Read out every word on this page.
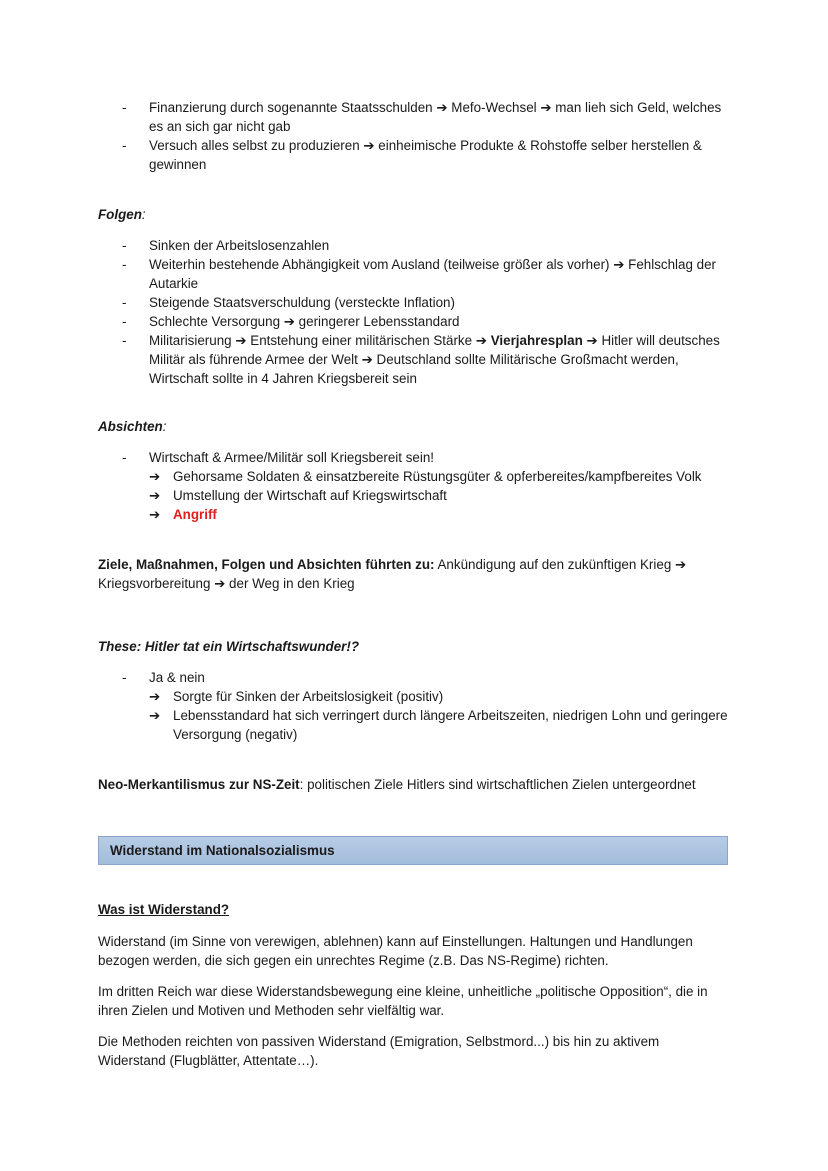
- Finanzierung durch sogenannte Staatsschulden ➔ Mefo-Wechsel ➔ man lieh sich Geld, welches es an sich gar nicht gab
- Versuch alles selbst zu produzieren ➔ einheimische Produkte & Rohstoffe selber herstellen & gewinnen
Folgen:
- Sinken der Arbeitslosenzahlen
- Weiterhin bestehende Abhängigkeit vom Ausland (teilweise größer als vorher) ➔ Fehlschlag der Autarkie
- Steigende Staatsverschuldung (versteckte Inflation)
- Schlechte Versorgung ➔ geringerer Lebensstandard
- Militarisierung ➔ Entstehung einer militärischen Stärke ➔ Vierjahresplan ➔ Hitler will deutsches Militär als führende Armee der Welt ➔ Deutschland sollte Militärische Großmacht werden, Wirtschaft sollte in 4 Jahren Kriegsbereit sein
Absichten:
- Wirtschaft & Armee/Militär soll Kriegsbereit sein!
➔ Gehorsame Soldaten & einsatzbereite Rüstungsgüter & opferbereites/kampfbereites Volk
➔ Umstellung der Wirtschaft auf Kriegswirtschaft
➔ Angriff
Ziele, Maßnahmen, Folgen und Absichten führten zu: Ankündigung auf den zukünftigen Krieg ➔ Kriegsvorbereitung ➔ der Weg in den Krieg
These: Hitler tat ein Wirtschaftswunder!?
- Ja & nein
➔ Sorgte für Sinken der Arbeitslosigkeit (positiv)
➔ Lebensstandard hat sich verringert durch längere Arbeitszeiten, niedrigen Lohn und geringere Versorgung (negativ)
Neo-Merkantilismus zur NS-Zeit: politischen Ziele Hitlers sind wirtschaftlichen Zielen untergeordnet
Widerstand im Nationalsozialismus
Was ist Widerstand?

Widerstand (im Sinne von verewigen, ablehnen) kann auf Einstellungen. Haltungen und Handlungen bezogen werden, die sich gegen ein unrechtes Regime (z.B. Das NS-Regime) richten.

Im dritten Reich war diese Widerstandsbewegung eine kleine, unheitliche „politische Opposition“, die in ihren Zielen und Motiven und Methoden sehr vielfältig war.

Die Methoden reichten von passiven Widerstand (Emigration, Selbstmord...) bis hin zu aktivem Widerstand (Flugblätter, Attentate…).
